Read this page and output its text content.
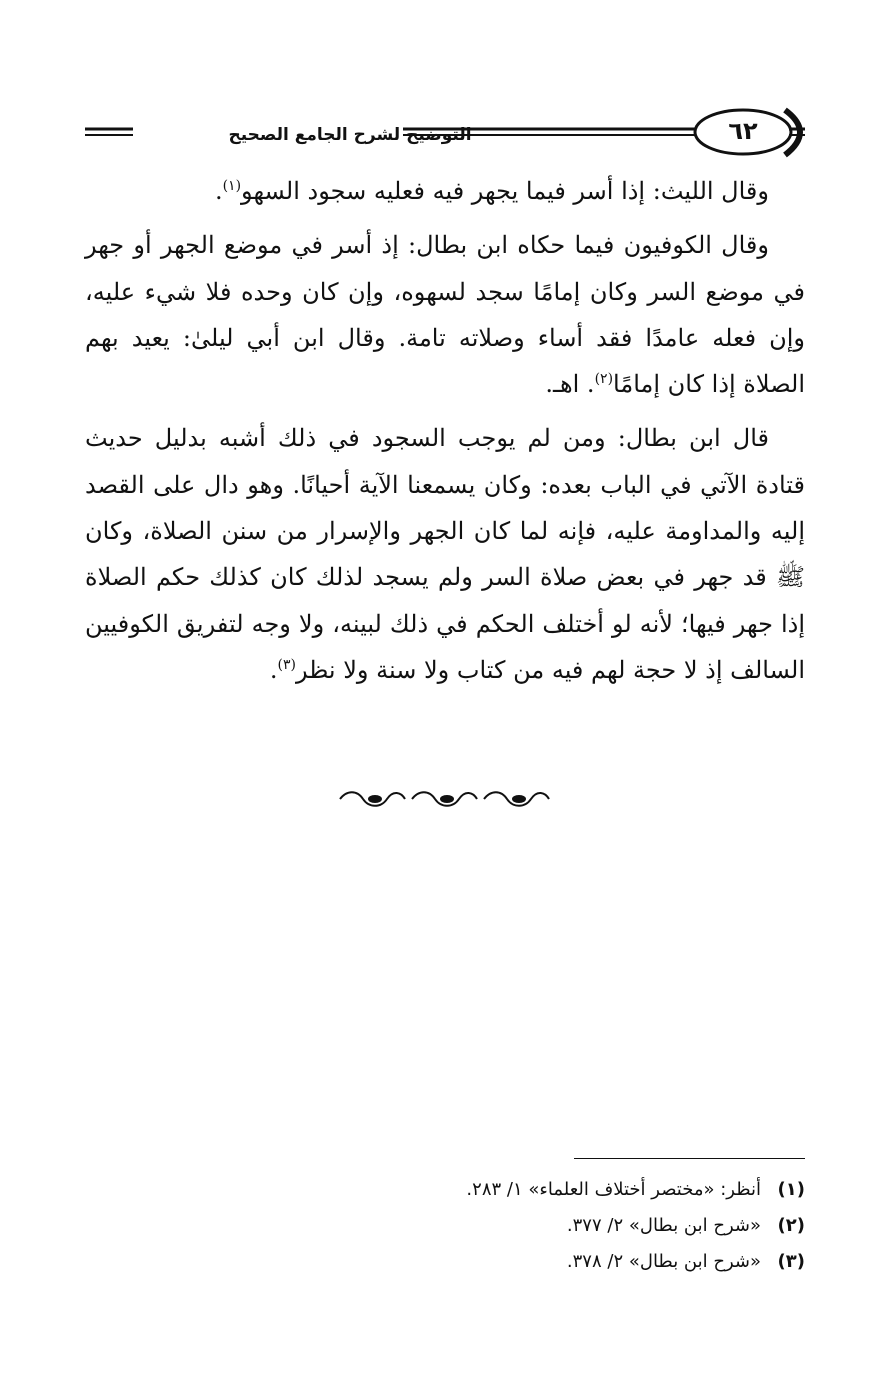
التوضيح لشرح الجامع الصحيح	٦٢

وقال الليث: إذا أسر فيما يجهر فيه فعليه سجود السهو$^{(١)}$.

وقال الكوفيون فيما حكاه ابن بطال: إذ أسر في موضع الجهر أو جهر في موضع السر وكان إمامًا سجد لسهوه، وإن كان وحده فلا شيء عليه، وإن فعله عامدًا فقد أساء وصلاته تامة. وقال ابن أبي ليلىٰ: يعيد بهم الصلاة إذا كان إمامًا$^{(٢)}$. اهـ.

قال ابن بطال: ومن لم يوجب السجود في ذلك أشبه بدليل حديث قتادة الآتي في الباب بعده: وكان يسمعنا الآية أحيانًا. وهو دال على القصد إليه والمداومة عليه، فإنه لما كان الجهر والإسرار من سنن الصلاة، وكان ﷺ قد جهر في بعض صلاة السر ولم يسجد لذلك كان كذلك حكم الصلاة إذا جهر فيها؛ لأنه لو أختلف الحكم في ذلك لبينه، ولا وجه لتفريق الكوفيين السالف إذ لا حجة لهم فيه من كتاب ولا سنة ولا نظر$^{(٣)}$.

(١)
أنظر: «مختصر أختلاف العلماء» ١/ ٢٨٣.
(٢)
«شرح ابن بطال» ٢/ ٣٧٧.
(٣)
«شرح ابن بطال» ٢/ ٣٧٨.
